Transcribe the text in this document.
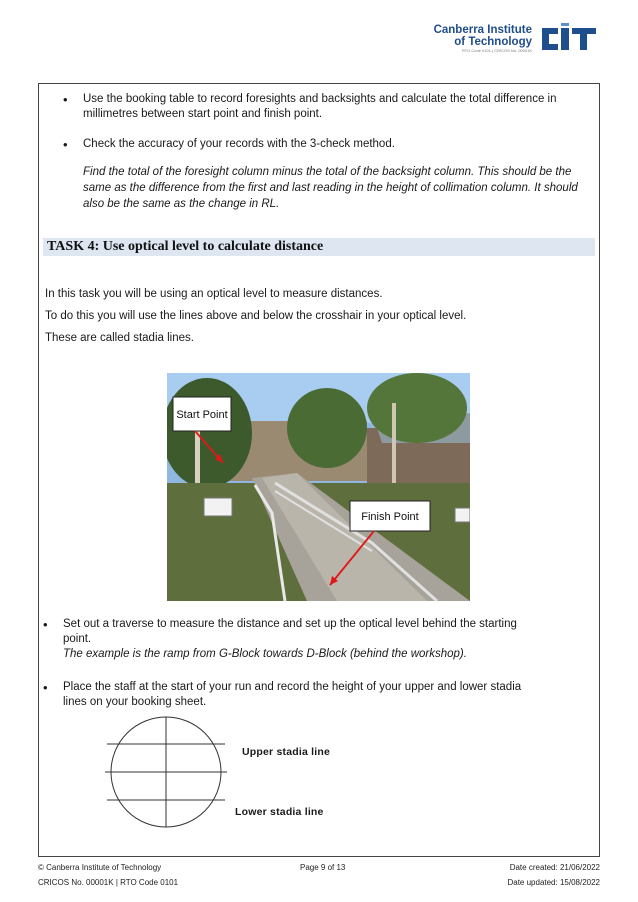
Canberra Institute
of Technology
RTO Code 0101 | CRICOS No. 00001K
• Use the booking table to record foresights and backsights and calculate the total difference in millimetres between start point and finish point.
• Check the accuracy of your records with the 3-check method.
Find the total of the foresight column minus the total of the backsight column. This should be the same as the difference from the first and last reading in the height of collimation column. It should also be the same as the change in RL.
TASK 4: Use optical level to calculate distance
In this task you will be using an optical level to measure distances.
To do this you will use the lines above and below the crosshair in your optical level.
These are called stadia lines.
Start Point
Finish Point
• Set out a traverse to measure the distance and set up the optical level behind the starting point.
The example is the ramp from G-Block towards D-Block (behind the workshop).
• Place the staff at the start of your run and record the height of your upper and lower stadia lines on your booking sheet.
Upper stadia line
Lower stadia line
© Canberra Institute of Technology	Page 9 of 13	Date created: 21/06/2022
CRICOS No. 00001K | RTO Code 0101	Date updated: 15/08/2022
